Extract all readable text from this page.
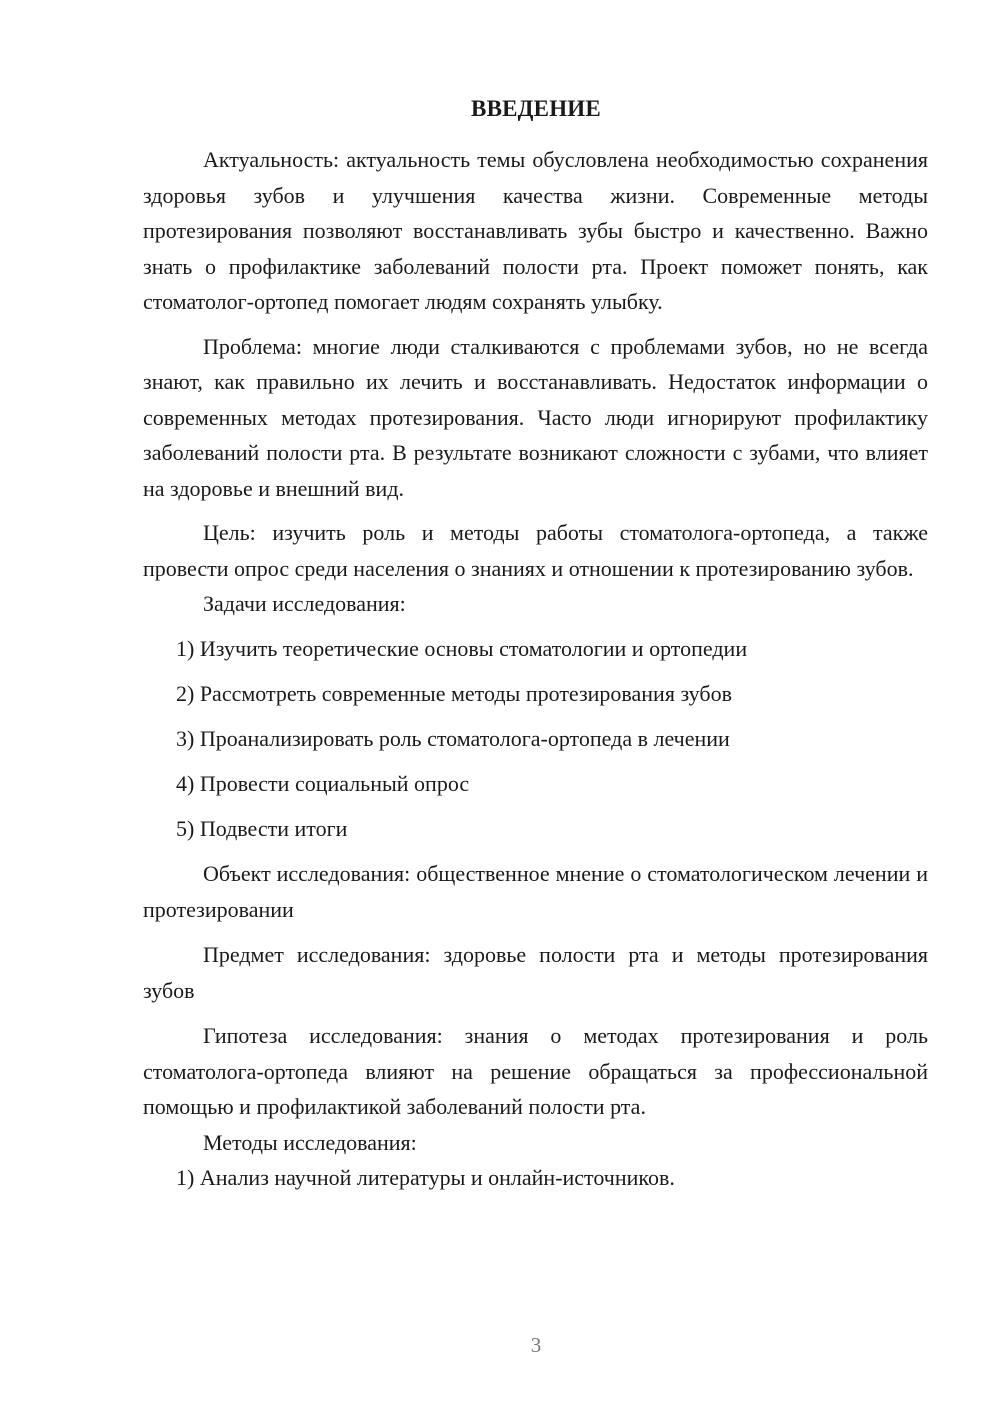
ВВЕДЕНИЕ

Актуальность: актуальность темы обусловлена необходимостью сохранения здоровья зубов и улучшения качества жизни. Современные методы протезирования позволяют восстанавливать зубы быстро и качественно. Важно знать о профилактике заболеваний полости рта. Проект поможет понять, как стоматолог-ортопед помогает людям сохранять улыбку.

Проблема: многие люди сталкиваются с проблемами зубов, но не всегда знают, как правильно их лечить и восстанавливать. Недостаток информации о современных методах протезирования. Часто люди игнорируют профилактику заболеваний полости рта. В результате возникают сложности с зубами, что влияет на здоровье и внешний вид.

Цель: изучить роль и методы работы стоматолога-ортопеда, а также провести опрос среди населения о знаниях и отношении к протезированию зубов.

Задачи исследования:

1) Изучить теоретические основы стоматологии и ортопедии

2) Рассмотреть современные методы протезирования зубов

3) Проанализировать роль стоматолога-ортопеда в лечении

4) Провести социальный опрос

5) Подвести итоги

Объект исследования: общественное мнение о стоматологическом лечении и протезировании

Предмет исследования: здоровье полости рта и методы протезирования зубов

Гипотеза исследования: знания о методах протезирования и роль стоматолога-ортопеда влияют на решение обращаться за профессиональной помощью и профилактикой заболеваний полости рта.

Методы исследования:

1) Анализ научной литературы и онлайн-источников.

3
